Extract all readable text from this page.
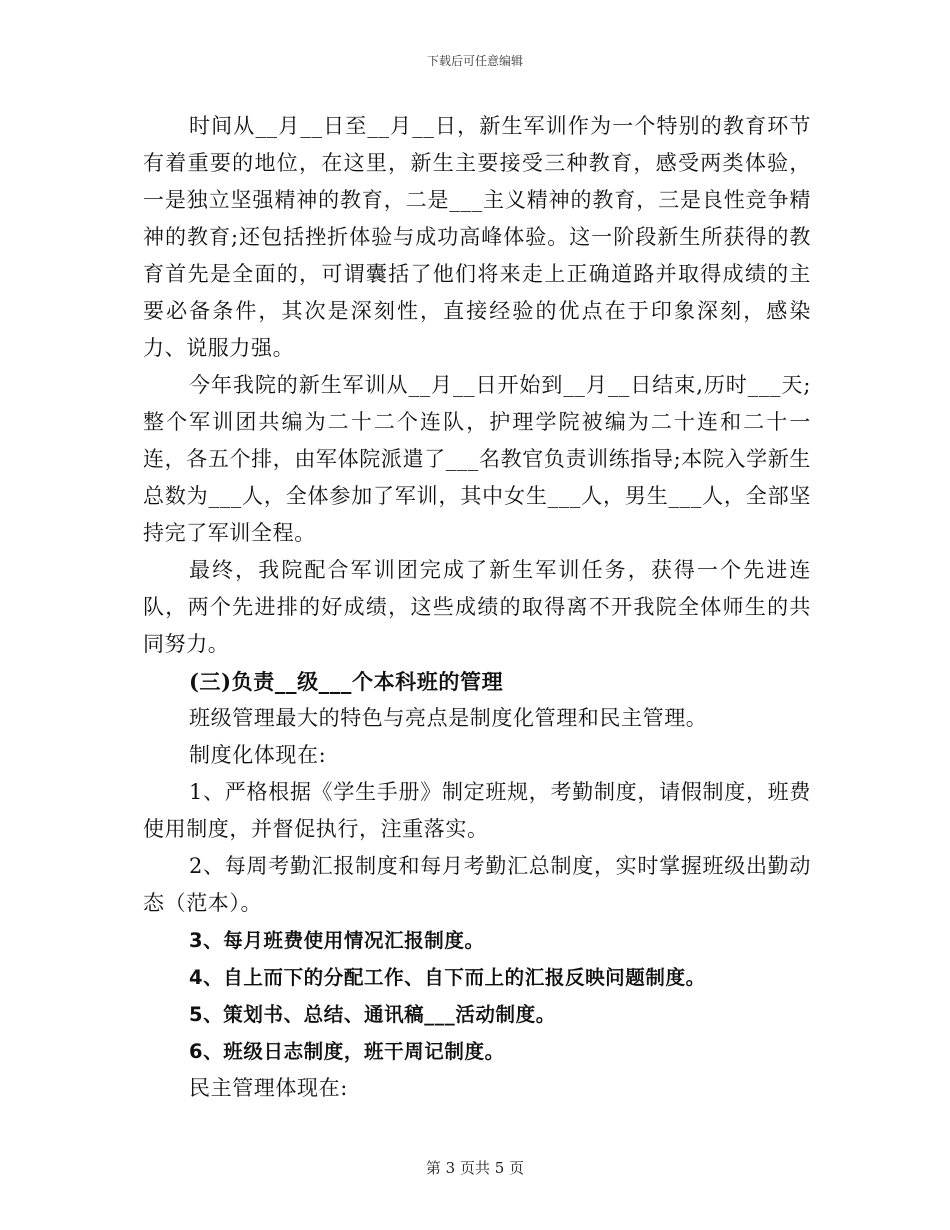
下载后可任意编辑

时间从__月__日至__月__日，新生军训作为一个特别的教育环节有着重要的地位，在这里，新生主要接受三种教育，感受两类体验，一是独立坚强精神的教育，二是___主义精神的教育，三是良性竞争精神的教育;还包括挫折体验与成功高峰体验。这一阶段新生所获得的教育首先是全面的，可谓囊括了他们将来走上正确道路并取得成绩的主要必备条件，其次是深刻性，直接经验的优点在于印象深刻，感染力、说服力强。

今年我院的新生军训从__月__日开始到__月__日结束,历时___天;整个军训团共编为二十二个连队，护理学院被编为二十连和二十一连，各五个排，由军体院派遣了___名教官负责训练指导;本院入学新生总数为___人，全体参加了军训，其中女生___人，男生___人，全部坚持完了军训全程。

最终，我院配合军训团完成了新生军训任务，获得一个先进连队，两个先进排的好成绩，这些成绩的取得离不开我院全体师生的共同努力。

(三)负责__级___个本科班的管理

班级管理最大的特色与亮点是制度化管理和民主管理。

制度化体现在:

1、严格根据《学生手册》制定班规，考勤制度，请假制度，班费使用制度，并督促执行，注重落实。

2、每周考勤汇报制度和每月考勤汇总制度，实时掌握班级出勤动态（范本）。

3、每月班费使用情况汇报制度。

4、自上而下的分配工作、自下而上的汇报反映问题制度。

5、策划书、总结、通讯稿___活动制度。

6、班级日志制度，班干周记制度。

民主管理体现在:

第 3 页共 5 页
